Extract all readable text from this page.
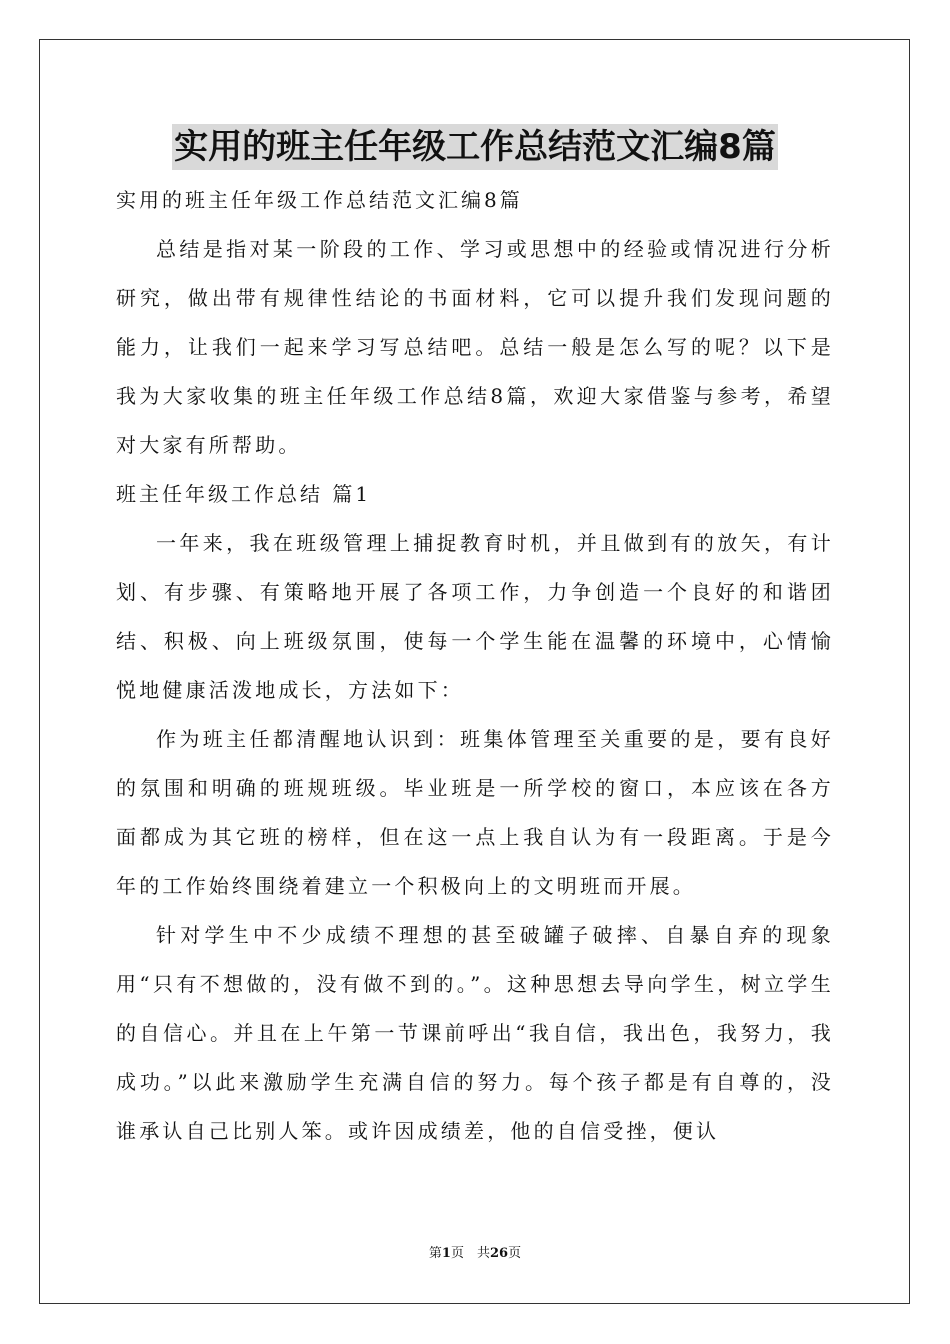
实用的班主任年级工作总结范文汇编8篇

实用的班主任年级工作总结范文汇编8篇

总结是指对某一阶段的工作、学习或思想中的经验或情况进行分析研究，做出带有规律性结论的书面材料，它可以提升我们发现问题的能力，让我们一起来学习写总结吧。总结一般是怎么写的呢？以下是我为大家收集的班主任年级工作总结8篇，欢迎大家借鉴与参考，希望对大家有所帮助。

班主任年级工作总结 篇1

一年来，我在班级管理上捕捉教育时机，并且做到有的放矢，有计划、有步骤、有策略地开展了各项工作，力争创造一个良好的和谐团结、积极、向上班级氛围，使每一个学生能在温馨的环境中，心情愉悦地健康活泼地成长，方法如下：

作为班主任都清醒地认识到：班集体管理至关重要的是，要有良好的氛围和明确的班规班级。毕业班是一所学校的窗口，本应该在各方面都成为其它班的榜样，但在这一点上我自认为有一段距离。于是今年的工作始终围绕着建立一个积极向上的文明班而开展。

针对学生中不少成绩不理想的甚至破罐子破摔、自暴自弃的现象用“只有不想做的，没有做不到的。”。这种思想去导向学生，树立学生的自信心。并且在上午第一节课前呼出“我自信，我出色，我努力，我成功。”以此来激励学生充满自信的努力。每个孩子都是有自尊的，没谁承认自己比别人笨。或许因成绩差，他的自信受挫，便认

第1页　共26页
